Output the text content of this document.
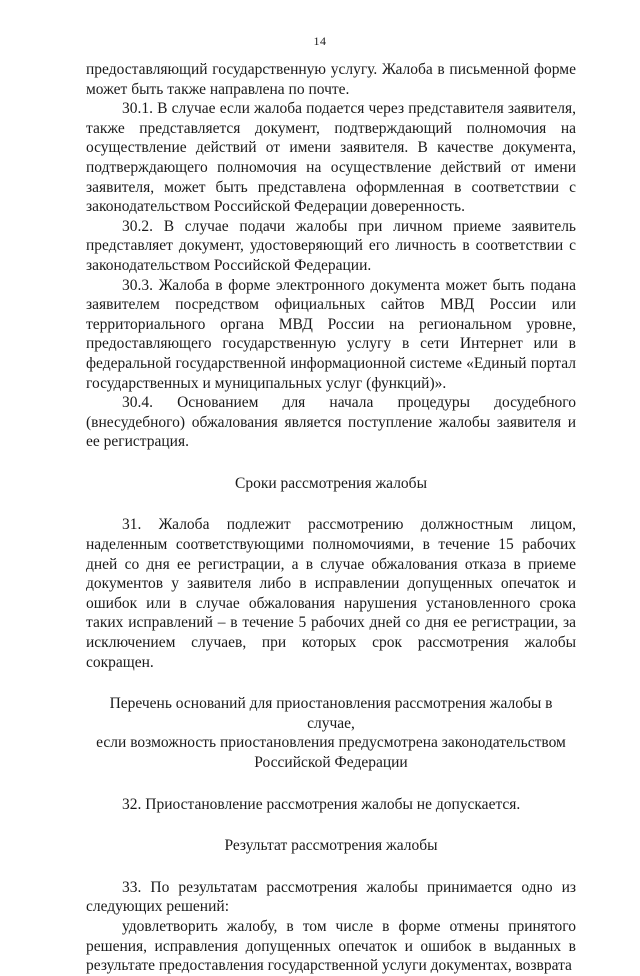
14

предоставляющий государственную услугу. Жалоба в письменной форме может быть также направлена по почте.

30.1. В случае если жалоба подается через представителя заявителя, также представляется документ, подтверждающий полномочия на осуществление действий от имени заявителя. В качестве документа, подтверждающего полномочия на осуществление действий от имени заявителя, может быть представлена оформленная в соответствии с законодательством Российской Федерации доверенность.

30.2. В случае подачи жалобы при личном приеме заявитель представляет документ, удостоверяющий его личность в соответствии с законодательством Российской Федерации.

30.3. Жалоба в форме электронного документа может быть подана заявителем посредством официальных сайтов МВД России или территориального органа МВД России на региональном уровне, предоставляющего государственную услугу в сети Интернет или в федеральной государственной информационной системе «Единый портал государственных и муниципальных услуг (функций)».

30.4. Основанием для начала процедуры досудебного (внесудебного) обжалования является поступление жалобы заявителя и ее регистрация.

Сроки рассмотрения жалобы

31. Жалоба подлежит рассмотрению должностным лицом, наделенным соответствующими полномочиями, в течение 15 рабочих дней со дня ее регистрации, а в случае обжалования отказа в приеме документов у заявителя либо в исправлении допущенных опечаток и ошибок или в случае обжалования нарушения установленного срока таких исправлений – в течение 5 рабочих дней со дня ее регистрации, за исключением случаев, при которых срок рассмотрения жалобы сокращен.

Перечень оснований для приостановления рассмотрения жалобы в случае,

если возможность приостановления предусмотрена законодательством

Российской Федерации

32. Приостановление рассмотрения жалобы не допускается.

Результат рассмотрения жалобы

33. По результатам рассмотрения жалобы принимается одно из следующих решений:

удовлетворить жалобу, в том числе в форме отмены принятого решения, исправления допущенных опечаток и ошибок в выданных в результате предоставления государственной услуги документах, возврата
